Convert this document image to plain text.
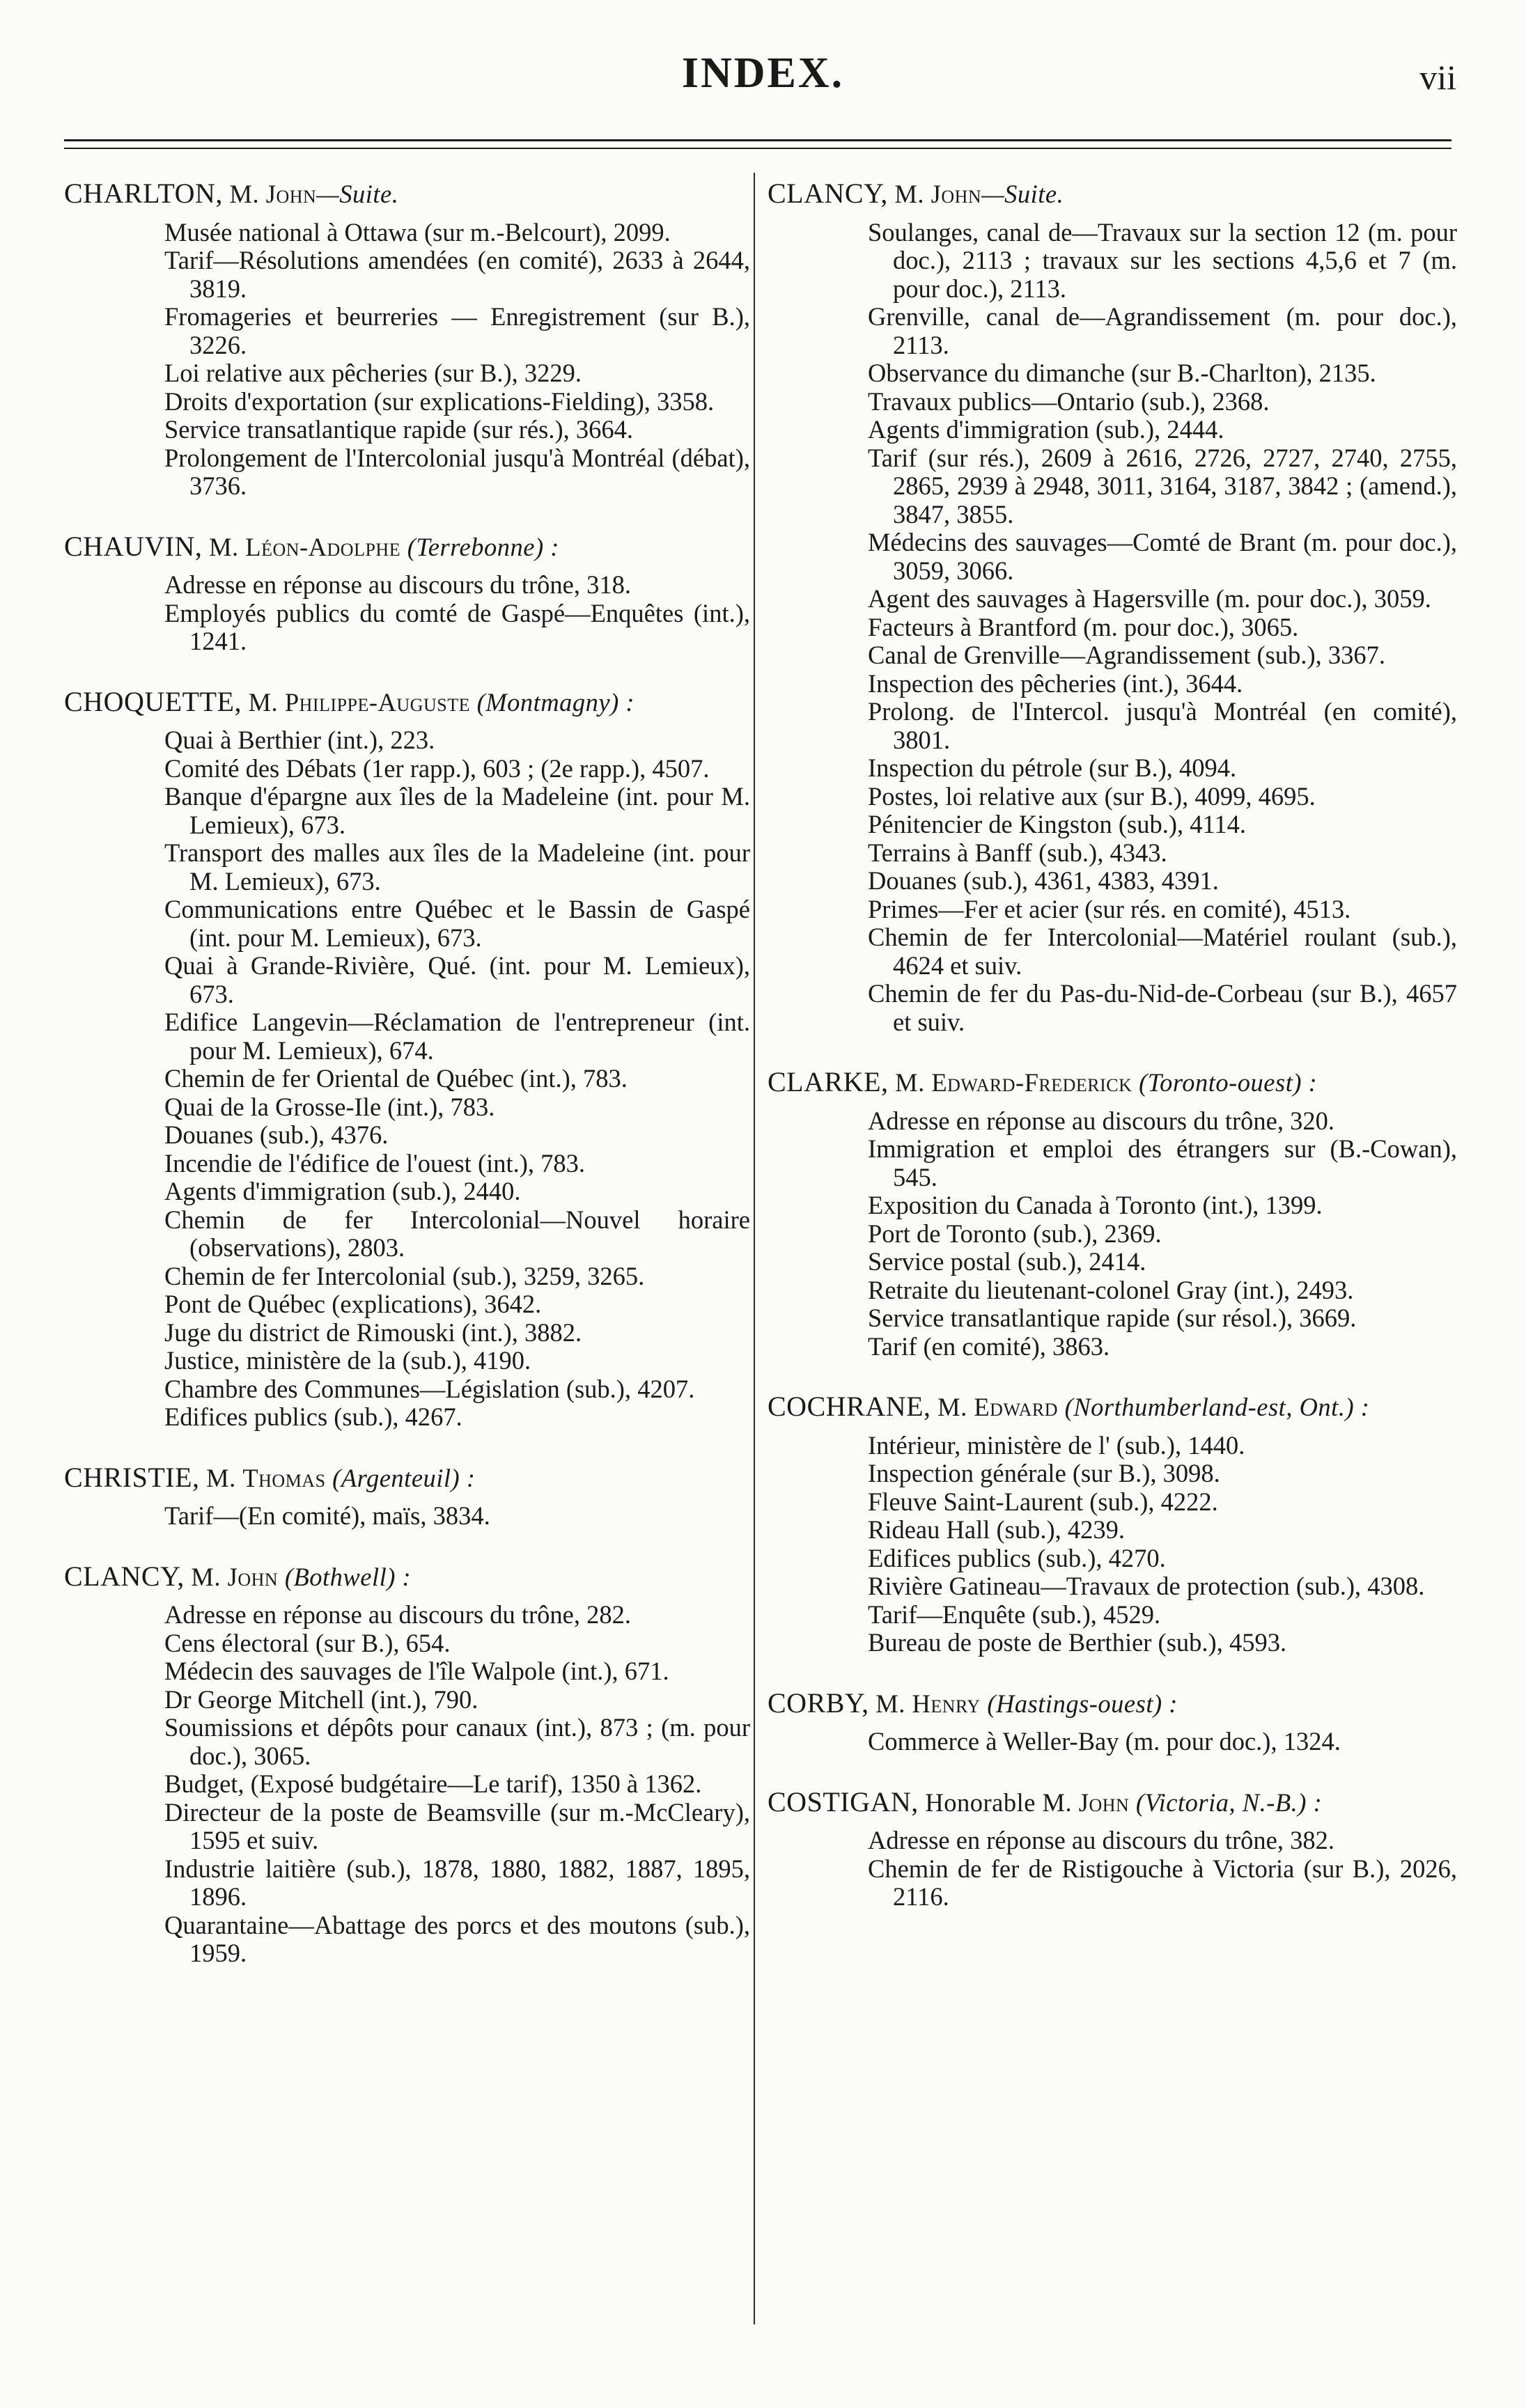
INDEX.	vii
CHARLTON, M. John—Suite.
Musée national à Ottawa (sur m.-Belcourt), 2099.
Tarif—Résolutions amendées (en comité), 2633 à 2644, 3819.
Fromageries et beurreries — Enregistrement (sur B.), 3226.
Loi relative aux pêcheries (sur B.), 3229.
Droits d'exportation (sur explications-Fielding), 3358.
Service transatlantique rapide (sur rés.), 3664.
Prolongement de l'Intercolonial jusqu'à Montréal (débat), 3736.
CHAUVIN, M. Léon-Adolphe (Terrebonne) :
Adresse en réponse au discours du trône, 318.
Employés publics du comté de Gaspé—Enquêtes (int.), 1241.
CHOQUETTE, M. Philippe-Auguste (Montmagny) :
Quai à Berthier (int.), 223.
Comité des Débats (1er rapp.), 603 ; (2e rapp.), 4507.
Banque d'épargne aux îles de la Madeleine (int. pour M. Lemieux), 673.
Transport des malles aux îles de la Madeleine (int. pour M. Lemieux), 673.
Communications entre Québec et le Bassin de Gaspé (int. pour M. Lemieux), 673.
Quai à Grande-Rivière, Qué. (int. pour M. Lemieux), 673.
Edifice Langevin—Réclamation de l'entrepreneur (int. pour M. Lemieux), 674.
Chemin de fer Oriental de Québec (int.), 783.
Quai de la Grosse-Ile (int.), 783.
Douanes (sub.), 4376.
Incendie de l'édifice de l'ouest (int.), 783.
Agents d'immigration (sub.), 2440.
Chemin de fer Intercolonial—Nouvel horaire (observations), 2803.
Chemin de fer Intercolonial (sub.), 3259, 3265.
Pont de Québec (explications), 3642.
Juge du district de Rimouski (int.), 3882.
Justice, ministère de la (sub.), 4190.
Chambre des Communes—Législation (sub.), 4207.
Edifices publics (sub.), 4267.
CHRISTIE, M. Thomas (Argenteuil) :
Tarif—(En comité), maïs, 3834.
CLANCY, M. John (Bothwell) :
Adresse en réponse au discours du trône, 282.
Cens électoral (sur B.), 654.
Médecin des sauvages de l'île Walpole (int.), 671.
Dr George Mitchell (int.), 790.
Soumissions et dépôts pour canaux (int.), 873 ; (m. pour doc.), 3065.
Budget, (Exposé budgétaire—Le tarif), 1350 à 1362.
Directeur de la poste de Beamsville (sur m.-McCleary), 1595 et suiv.
Industrie laitière (sub.), 1878, 1880, 1882, 1887, 1895, 1896.
Quarantaine—Abattage des porcs et des moutons (sub.), 1959.
CLANCY, M. John—Suite.
Soulanges, canal de—Travaux sur la section 12 (m. pour doc.), 2113 ; travaux sur les sections 4,5,6 et 7 (m. pour doc.), 2113.
Grenville, canal de—Agrandissement (m. pour doc.), 2113.
Observance du dimanche (sur B.-Charlton), 2135.
Travaux publics—Ontario (sub.), 2368.
Agents d'immigration (sub.), 2444.
Tarif (sur rés.), 2609 à 2616, 2726, 2727, 2740, 2755, 2865, 2939 à 2948, 3011, 3164, 3187, 3842 ; (amend.), 3847, 3855.
Médecins des sauvages—Comté de Brant (m. pour doc.), 3059, 3066.
Agent des sauvages à Hagersville (m. pour doc.), 3059.
Facteurs à Brantford (m. pour doc.), 3065.
Canal de Grenville—Agrandissement (sub.), 3367.
Inspection des pêcheries (int.), 3644.
Prolong. de l'Intercol. jusqu'à Montréal (en comité), 3801.
Inspection du pétrole (sur B.), 4094.
Postes, loi relative aux (sur B.), 4099, 4695.
Pénitencier de Kingston (sub.), 4114.
Terrains à Banff (sub.), 4343.
Douanes (sub.), 4361, 4383, 4391.
Primes—Fer et acier (sur rés. en comité), 4513.
Chemin de fer Intercolonial—Matériel roulant (sub.), 4624 et suiv.
Chemin de fer du Pas-du-Nid-de-Corbeau (sur B.), 4657 et suiv.
CLARKE, M. Edward-Frederick (Toronto-ouest) :
Adresse en réponse au discours du trône, 320.
Immigration et emploi des étrangers sur (B.-Cowan), 545.
Exposition du Canada à Toronto (int.), 1399.
Port de Toronto (sub.), 2369.
Service postal (sub.), 2414.
Retraite du lieutenant-colonel Gray (int.), 2493.
Service transatlantique rapide (sur résol.), 3669.
Tarif (en comité), 3863.
COCHRANE, M. Edward (Northumberland-est, Ont.) :
Intérieur, ministère de l' (sub.), 1440.
Inspection générale (sur B.), 3098.
Fleuve Saint-Laurent (sub.), 4222.
Rideau Hall (sub.), 4239.
Edifices publics (sub.), 4270.
Rivière Gatineau—Travaux de protection (sub.), 4308.
Tarif—Enquête (sub.), 4529.
Bureau de poste de Berthier (sub.), 4593.
CORBY, M. Henry (Hastings-ouest) :
Commerce à Weller-Bay (m. pour doc.), 1324.
COSTIGAN, Honorable M. John (Victoria, N.-B.) :
Adresse en réponse au discours du trône, 382.
Chemin de fer de Ristigouche à Victoria (sur B.), 2026, 2116.
